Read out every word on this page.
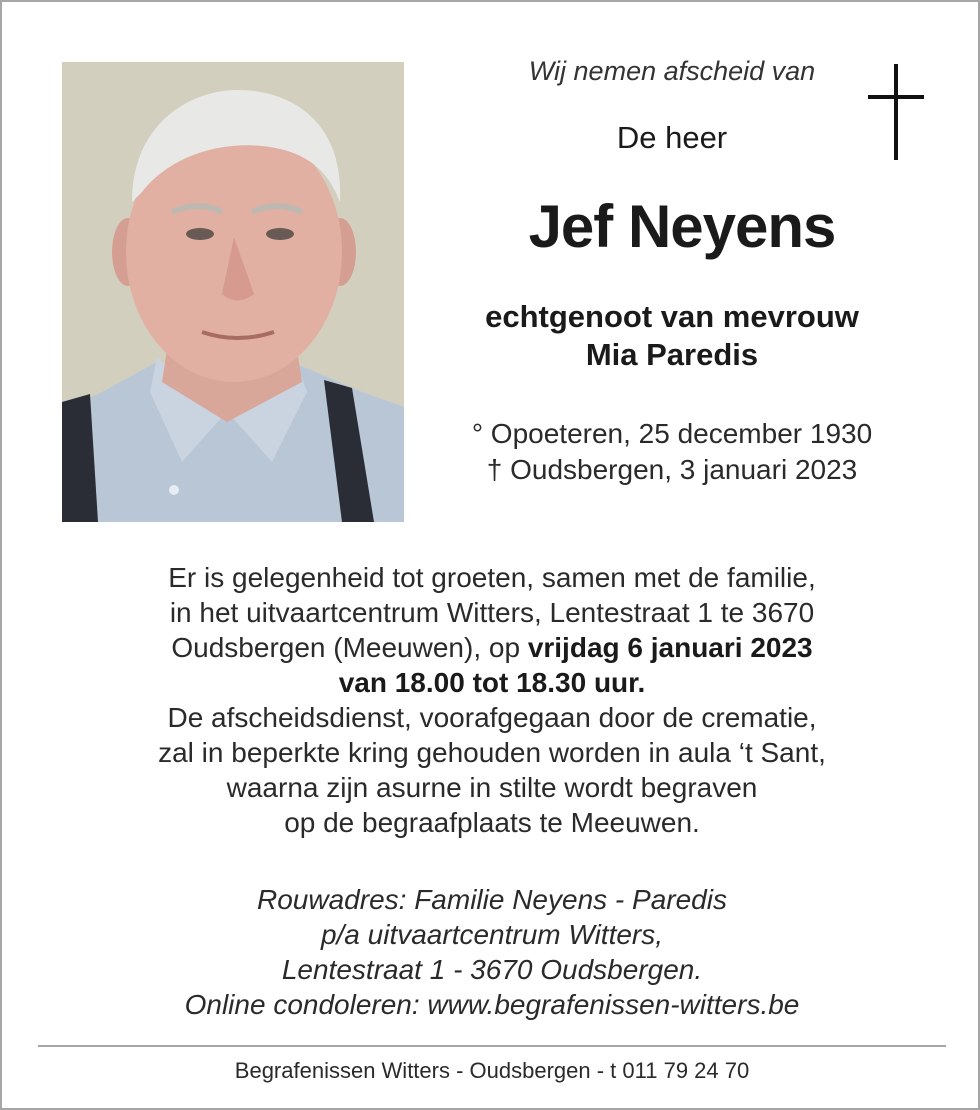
Wij nemen afscheid van
De heer
Jef Neyens
echtgenoot van mevrouw
Mia Paredis
° Opoeteren, 25 december 1930
† Oudsbergen, 3 januari 2023
Er is gelegenheid tot groeten, samen met de familie,
in het uitvaartcentrum Witters, Lentestraat 1 te 3670
Oudsbergen (Meeuwen), op vrijdag 6 januari 2023
van 18.00 tot 18.30 uur.
De afscheidsdienst, voorafgegaan door de crematie,
zal in beperkte kring gehouden worden in aula ‘t Sant,
waarna zijn asurne in stilte wordt begraven
op de begraafplaats te Meeuwen.
Rouwadres: Familie Neyens - Paredis
p/a uitvaartcentrum Witters,
Lentestraat 1 - 3670 Oudsbergen.
Online condoleren: www.begrafenissen-witters.be
Begrafenissen Witters - Oudsbergen - t 011 79 24 70
